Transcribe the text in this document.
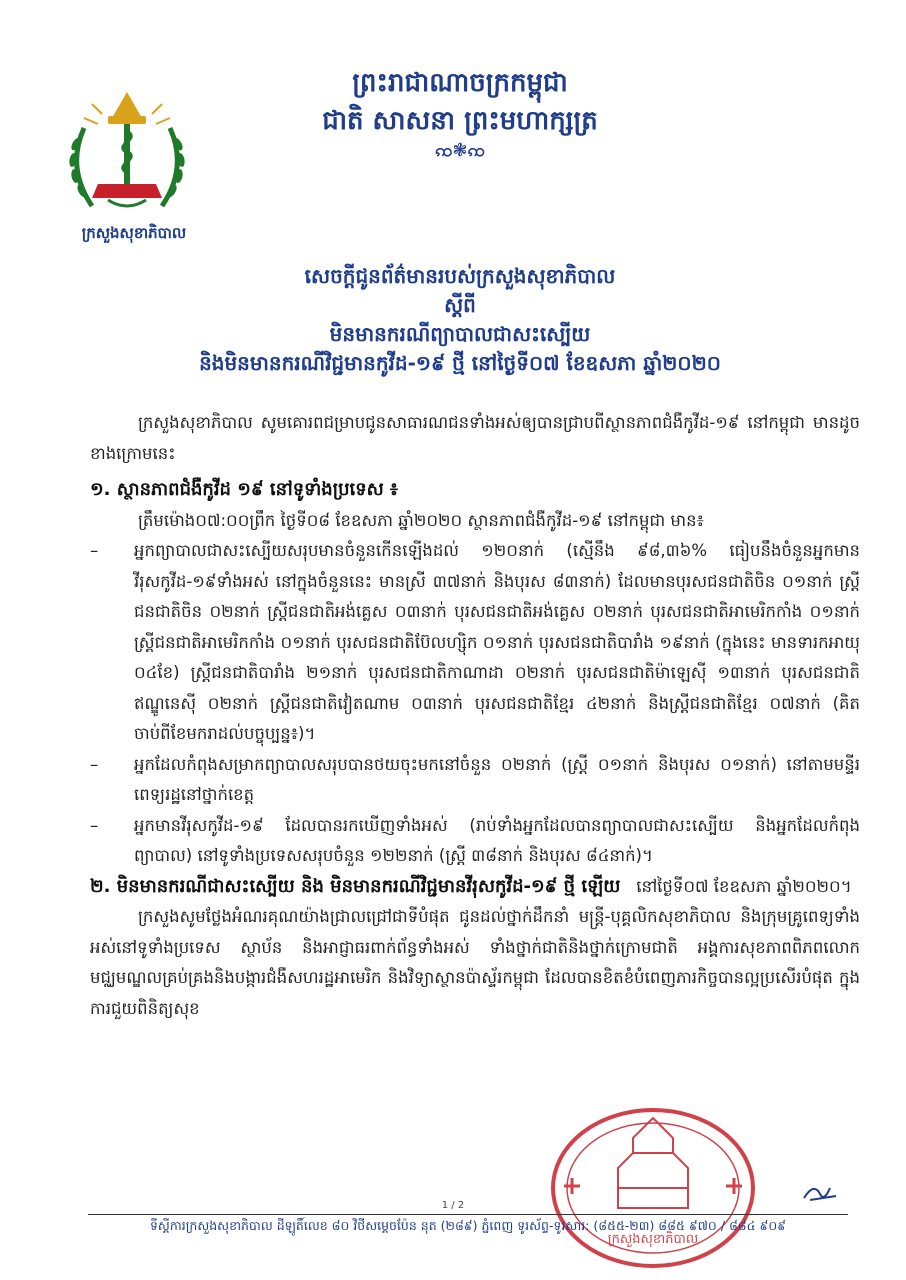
ក្រសួងសុខាភិបាល
ព្រះរាជាណាចក្រកម្ពុជា
ជាតិ សាសនា ព្រះមហាក្សត្រ
ꩡ❃ꩡ
សេចក្តីជូនព័ត៌មានរបស់ក្រសួងសុខាភិបាល
ស្តីពី
មិនមានករណីព្យាបាលជាសះស្បើយ
និងមិនមានករណីវិជ្ជមានកូវីដ-១៩ ថ្មី នៅថ្ងៃទី០៧ ខែឧសភា ឆ្នាំ២០២០

ក្រសួងសុខាភិបាល សូមគោរពជម្រាបជូនសាធារណជនទាំងអស់ឲ្យបានជ្រាបពីស្ថានភាពជំងឺកូវីដ-១៩ នៅកម្ពុជា មានដូចខាងក្រោមនេះ

១. ស្ថានភាពជំងឺកូវីដ ១៩ នៅទូទាំងប្រទេស ៖

ត្រឹមម៉ោង០៧:០០ព្រឹក ថ្ងៃទី០៨ ខែឧសភា ឆ្នាំ២០២០ ស្ថានភាពជំងឺកូវីដ-១៩ នៅកម្ពុជា មាន៖

–	អ្នកព្យាបាលជាសះស្បើយសរុបមានចំនួនកើនឡើងដល់ ១២០នាក់ (ស្មើនឹង ៩៨,៣៦% ធៀបនឹងចំនួនអ្នកមានវីរុសកូវីដ-១៩ទាំងអស់ នៅក្នុងចំនួននេះ មានស្រី ៣៧នាក់ និងបុរស ៨៣នាក់) ដែលមានបុរសជនជាតិចិន ០១នាក់ ស្ត្រីជនជាតិចិន ០២នាក់ ស្ត្រីជនជាតិអង់គ្លេស ០៣នាក់ បុរសជនជាតិអង់គ្លេស ០២នាក់ បុរសជនជាតិអាមេរិកកាំង ០១នាក់ ស្ត្រីជនជាតិអាមេរិកកាំង ០១នាក់ បុរសជនជាតិប៊ែលហ្ស៊ិក ០១នាក់ បុរសជនជាតិបារាំង ១៩នាក់ (ក្នុងនេះ មានទារកអាយុ ០៤ខែ) ស្ត្រីជនជាតិបារាំង ២១នាក់ បុរសជនជាតិកាណាដា ០២នាក់ បុរសជនជាតិម៉ាឡេស៊ី ១៣នាក់ បុរសជនជាតិឥណ្ឌូនេស៊ី ០២នាក់ ស្ត្រីជនជាតិវៀតណាម ០៣នាក់ បុរសជនជាតិខ្មែរ ៤២នាក់ និងស្ត្រីជនជាតិខ្មែរ ០៧នាក់ (គិតចាប់ពីខែមករាដល់បច្ចុប្បន្ន៖)។
–	អ្នកដែលកំពុងសម្រាកព្យាបាលសរុបបានថយចុះមកនៅចំនួន ០២នាក់ (ស្ត្រី ០១នាក់ និងបុរស ០១នាក់) នៅតាមមន្ទីរពេទ្យរដ្ឋនៅថ្នាក់ខេត្ត
–	អ្នកមានវីរុសកូវីដ-១៩ ដែលបានរកឃើញទាំងអស់ (រាប់ទាំងអ្នកដែលបានព្យាបាលជាសះស្បើយ និងអ្នកដែលកំពុងព្យាបាល) នៅទូទាំងប្រទេសសរុបចំនួន ១២២នាក់ (ស្ត្រី ៣៨នាក់ និងបុរស ៨៤នាក់)។

២. មិនមានករណីជាសះស្បើយ និង មិនមានករណីវិជ្ជមានវីរុសកូវីដ-១៩ ថ្មី ឡើយ នៅថ្ងៃទី០៧ ខែឧសភា ឆ្នាំ២០២០។

ក្រសួងសូមថ្លែងអំណរគុណយ៉ាងជ្រាលជ្រៅជាទីបំផុត ជូនដល់ថ្នាក់ដឹកនាំ មន្ត្រី-បុគ្គលិកសុខាភិបាល និងក្រុមគ្រូពេទ្យទាំងអស់នៅទូទាំងប្រទេស ស្ថាប័ន និងអាជ្ញាធរពាក់ព័ន្ធទាំងអស់ ទាំងថ្នាក់ជាតិនិងថ្នាក់ក្រោមជាតិ អង្គការសុខភាពពិភពលោក មជ្ឈមណ្ឌលគ្រប់គ្រងនិងបង្ការជំងឺសហរដ្ឋអាមេរិក និងវិទ្យាស្ថានប៉ាស្ទ័រកម្ពុជា ដែលបានខិតខំបំពេញភារកិច្ចបានល្អប្រសើរបំផុត ក្នុងការជួយពិនិត្យសុខ

ក្រសួងសុខាភិបាល
1 / 2
ទីស្តីការក្រសួងសុខាភិបាល ដីឡូតិ៍លេខ ៨០ វិថីសម្តេចប៉ែន នុត (២៨៩) ភ្នំពេញ ទូរស័ព្ទ-ទូរសារ: (៨៥៥-២៣) ៨៨៥ ៩៧០ / ៨៨៤ ៩០៩
